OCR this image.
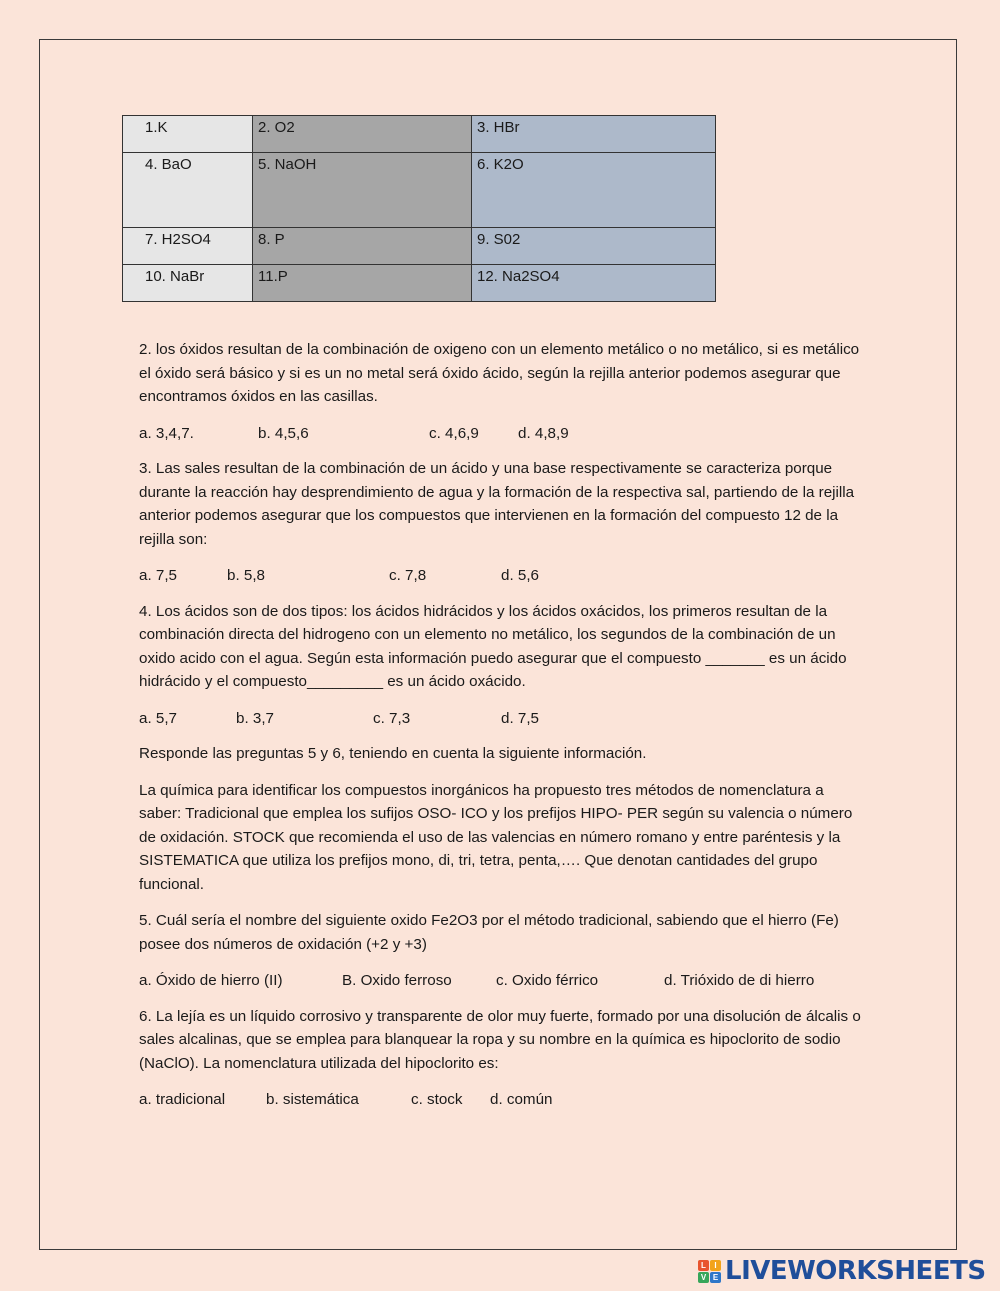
1.K	2. O2	3. HBr
4. BaO	5. NaOH	6. K2O
7. H2SO4	8. P	9. S02
10. NaBr	11.P	12. Na2SO4

2. los óxidos resultan de la combinación de oxigeno con un elemento metálico o no metálico, si es metálico el óxido será básico y si es un no metal será óxido ácido, según la rejilla anterior podemos asegurar que encontramos óxidos en las casillas.

a. 3,4,7.	b. 4,5,6	c. 4,6,9	d. 4,8,9

3. Las sales resultan de la combinación de un ácido y una base respectivamente se caracteriza porque durante la reacción hay desprendimiento de agua y la formación de la respectiva sal, partiendo de la rejilla anterior podemos asegurar que los compuestos que intervienen en la formación del compuesto 12 de la rejilla son:

a. 7,5	b. 5,8	c. 7,8	d. 5,6

4. Los ácidos son de dos tipos: los ácidos hidrácidos y los ácidos oxácidos, los primeros resultan de la combinación directa del hidrogeno con un elemento no metálico, los segundos de la combinación de un oxido acido con el agua. Según esta información puedo asegurar que el compuesto _______ es un ácido hidrácido y el compuesto_________ es un ácido oxácido.

a. 5,7	b. 3,7	c. 7,3	d. 7,5

Responde las preguntas 5 y 6, teniendo en cuenta la siguiente información.

La química para identificar los compuestos inorgánicos ha propuesto tres métodos de nomenclatura a saber: Tradicional que emplea los sufijos OSO- ICO y los prefijos HIPO- PER según su valencia o número de oxidación. STOCK que recomienda el uso de las valencias en número romano y entre paréntesis y la SISTEMATICA que utiliza los prefijos mono, di, tri, tetra, penta,…. Que denotan cantidades del grupo funcional.

5. Cuál sería el nombre del siguiente oxido Fe2O3 por el método tradicional, sabiendo que el hierro (Fe) posee dos números de oxidación (+2 y +3)

a. Óxido de hierro (II)	B. Oxido ferroso	c. Oxido férrico	d. Trióxido de di hierro

6. La lejía es un líquido corrosivo y transparente de olor muy fuerte, formado por una disolución de álcalis o sales alcalinas, que se emplea para blanquear la ropa y su nombre en la química es hipoclorito de sodio (NaClO). La nomenclatura utilizada del hipoclorito es:

a. tradicional	b. sistemática	c. stock	d. común
L	I
V E LIVEWORKSHEETS
